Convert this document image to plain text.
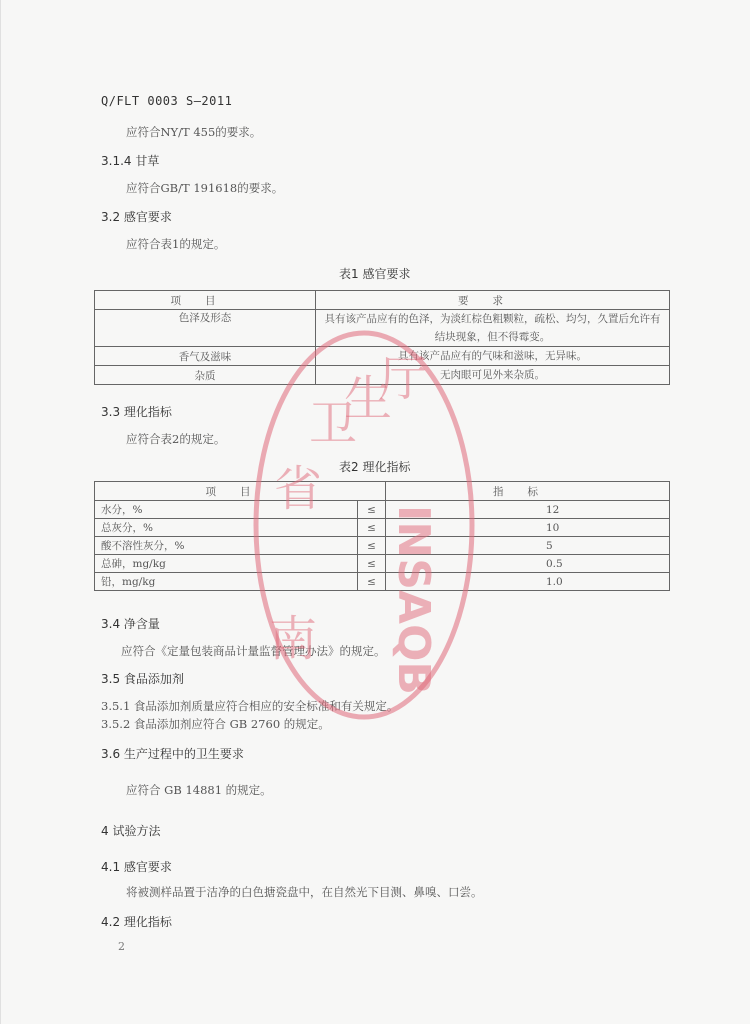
Q/FLT 0003 S—2011
应符合NY/T 455的要求。
3.1.4 甘草
应符合GB/T 191618的要求。
3.2 感官要求
应符合表1的规定。
表1 感官要求
项目	要求
色泽及形态	具有该产品应有的色泽，为淡红棕色粗颗粒，疏松、均匀，久置后允许有
结块现象，但不得霉变。

香气及滋味	具有该产品应有的气味和滋味，无异味。
杂质	无肉眼可见外来杂质。
3.3 理化指标
应符合表2的规定。
表2 理化指标
项目		指标
水分，%	≤	12
总灰分，%	≤	10
酸不溶性灰分，%	≤	5
总砷，mg/kg	≤	0.5
铅，mg/kg	≤	1.0
3.4 净含量
应符合《定量包装商品计量监督管理办法》的规定。
3.5 食品添加剂
3.5.1 食品添加剂质量应符合相应的安全标准和有关规定。
3.5.2 食品添加剂应符合 GB 2760 的规定。
3.6 生产过程中的卫生要求
应符合 GB 14881 的规定。
4 试验方法
4.1 感官要求
将被测样品置于洁净的白色搪瓷盘中，在自然光下目测、鼻嗅、口尝。
4.2 理化指标
2
卫
生
厅
省
南 INSAQB
